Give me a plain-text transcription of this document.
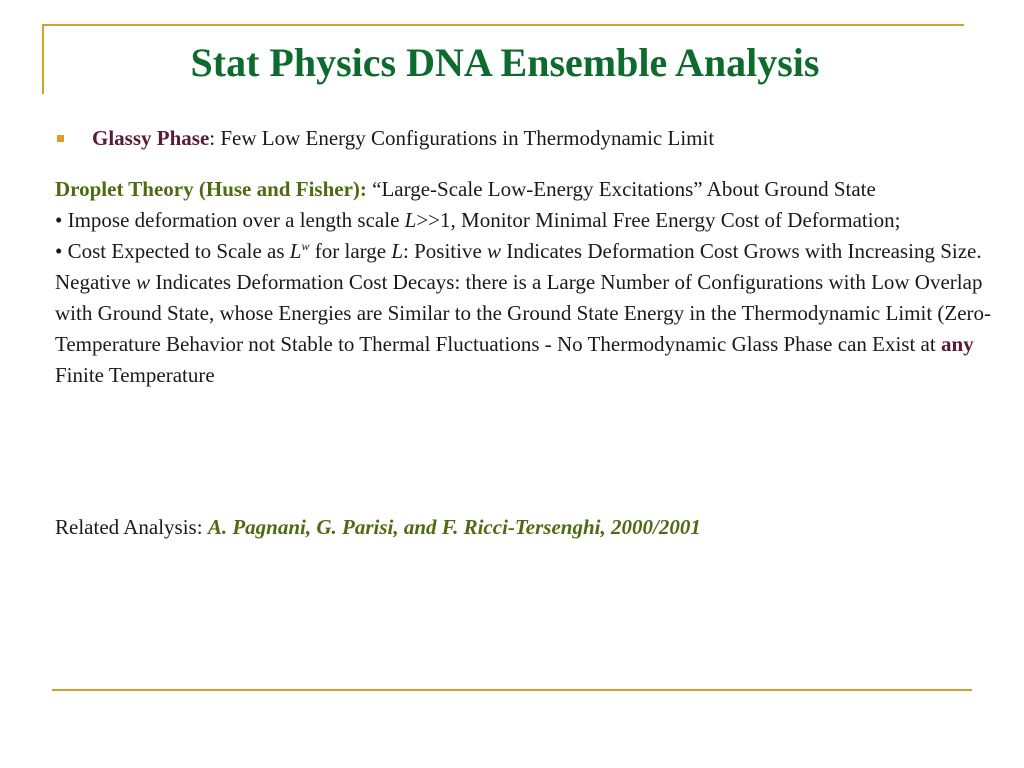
Stat Physics DNA Ensemble Analysis
Glassy Phase: Few Low Energy Configurations in Thermodynamic Limit
Droplet Theory (Huse and Fisher): “Large-Scale Low-Energy Excitations” About Ground State
• Impose deformation over a length scale L>>1, Monitor Minimal Free Energy Cost of Deformation;
• Cost Expected to Scale as $L^w$ for large L: Positive w Indicates Deformation Cost Grows with Increasing Size. Negative w Indicates Deformation Cost Decays: there is a Large Number of Configurations with Low Overlap with Ground State, whose Energies are Similar to the Ground State Energy in the Thermodynamic Limit (Zero-Temperature Behavior not Stable to Thermal Fluctuations - No Thermodynamic Glass Phase can Exist at any Finite Temperature
Related Analysis: A. Pagnani, G. Parisi, and F. Ricci-Tersenghi, 2000/2001
